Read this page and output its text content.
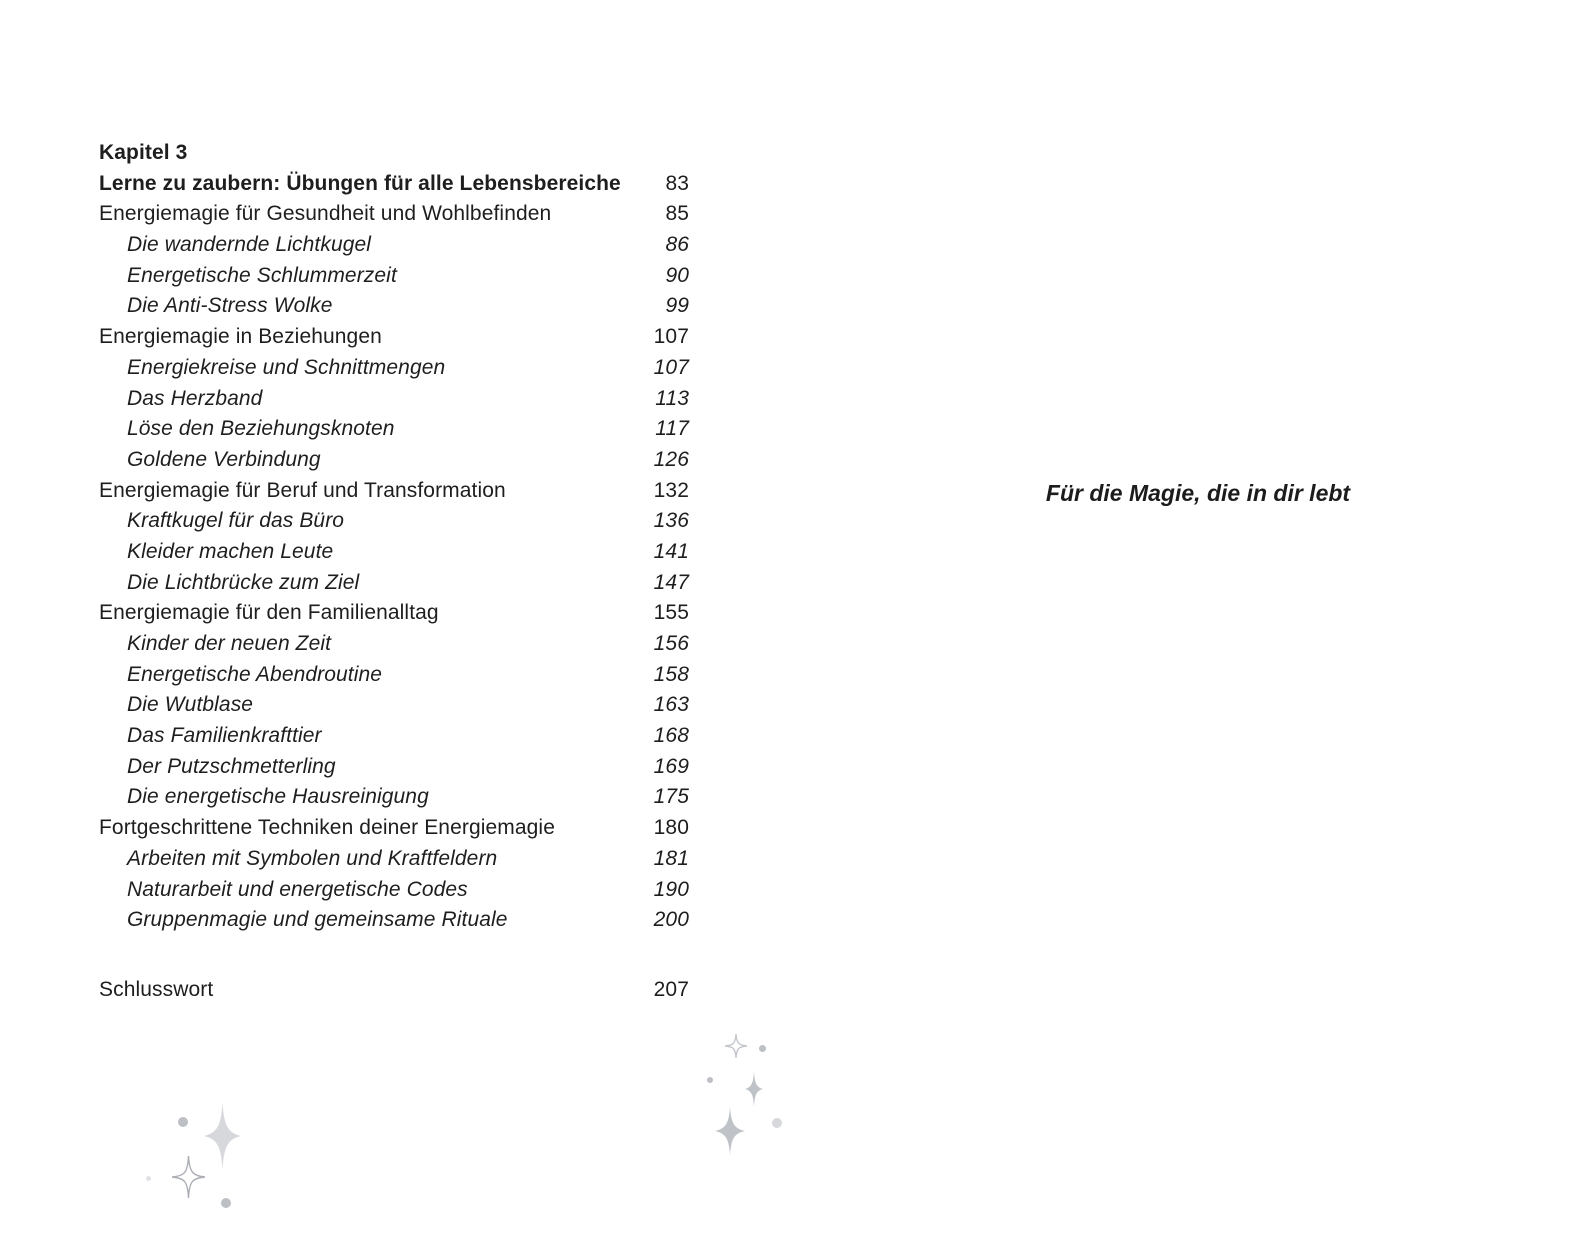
Kapitel 3
Lerne zu zaubern: Übungen für alle Lebensbereiche 83
Energiemagie für Gesundheit und Wohlbefinden	85
Die wandernde Lichtkugel	86
Energetische Schlummerzeit	90
Die Anti-Stress Wolke	99
Energiemagie in Beziehungen	107
Energiekreise und Schnittmengen	107
Das Herzband	113
Löse den Beziehungsknoten	117
Goldene Verbindung	126
Energiemagie für Beruf und Transformation	132
Kraftkugel für das Büro	136
Kleider machen Leute	141
Die Lichtbrücke zum Ziel	147
Energiemagie für den Familienalltag	155
Kinder der neuen Zeit	156
Energetische Abendroutine	158
Die Wutblase	163
Das Familienkrafttier	168
Der Putzschmetterling	169
Die energetische Hausreinigung	175
Fortgeschrittene Techniken deiner Energiemagie	180
Arbeiten mit Symbolen und Kraftfeldern	181
Naturarbeit und energetische Codes	190
Gruppenmagie und gemeinsame Rituale	200
Schlusswort	207

Für die Magie, die in dir lebt
